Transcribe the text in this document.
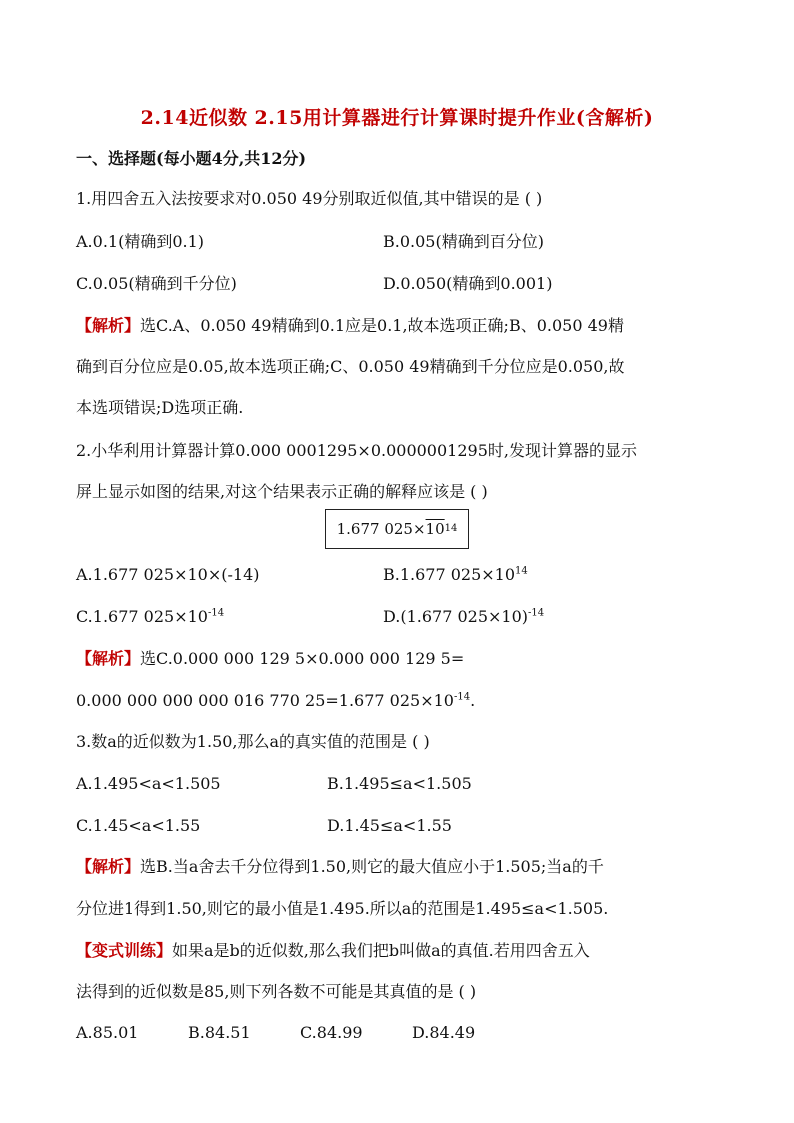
2.14近似数 2.15用计算器进行计算课时提升作业(含解析)
一、选择题(每小题4分,共12分)
1.用四舍五入法按要求对0.050 49分别取近似值,其中错误的是 ( )
A.0.1(精确到0.1)	B.0.05(精确到百分位)
C.0.05(精确到千分位)	D.0.050(精确到0.001)
【解析】选C.A、0.050 49精确到0.1应是0.1,故本选项正确;B、0.050 49精
确到百分位应是0.05,故本选项正确;C、0.050 49精确到千分位应是0.050,故
本选项错误;D选项正确.
2.小华利用计算器计算0.000 0001295×0.0000001295时,发现计算器的显示
屏上显示如图的结果,对这个结果表示正确的解释应该是 ( )
1.677 025× 10 14
A.1.677 025×10×(-14)	B.1.677 $025\times 10^{14}$
C.1.677 $025\times 10^{-14}$	D.(1.677 025×10)$^{-14}$
【解析】选C.0.000 000 129 5×0.000 000 129 5=
0.000 000 000 000 016 770 25=1.677 $025\times 10^{-14}$.
3.数a的近似数为1.50,那么a的真实值的范围是 ( )
A.1.495<a<1.505	B.1.495≤a<1.505
C.1.45<a<1.55	D.1.45≤a<1.55
【解析】选B.当a舍去千分位得到1.50,则它的最大值应小于1.505;当a的千
分位进1得到1.50,则它的最小值是1.495.所以a的范围是1.495≤a<1.505.
【变式训练】如果a是b的近似数,那么我们把b叫做a的真值.若用四舍五入
法得到的近似数是85,则下列各数不可能是其真值的是 ( )
A.85.01	B.84.51	C.84.99	D.84.49
